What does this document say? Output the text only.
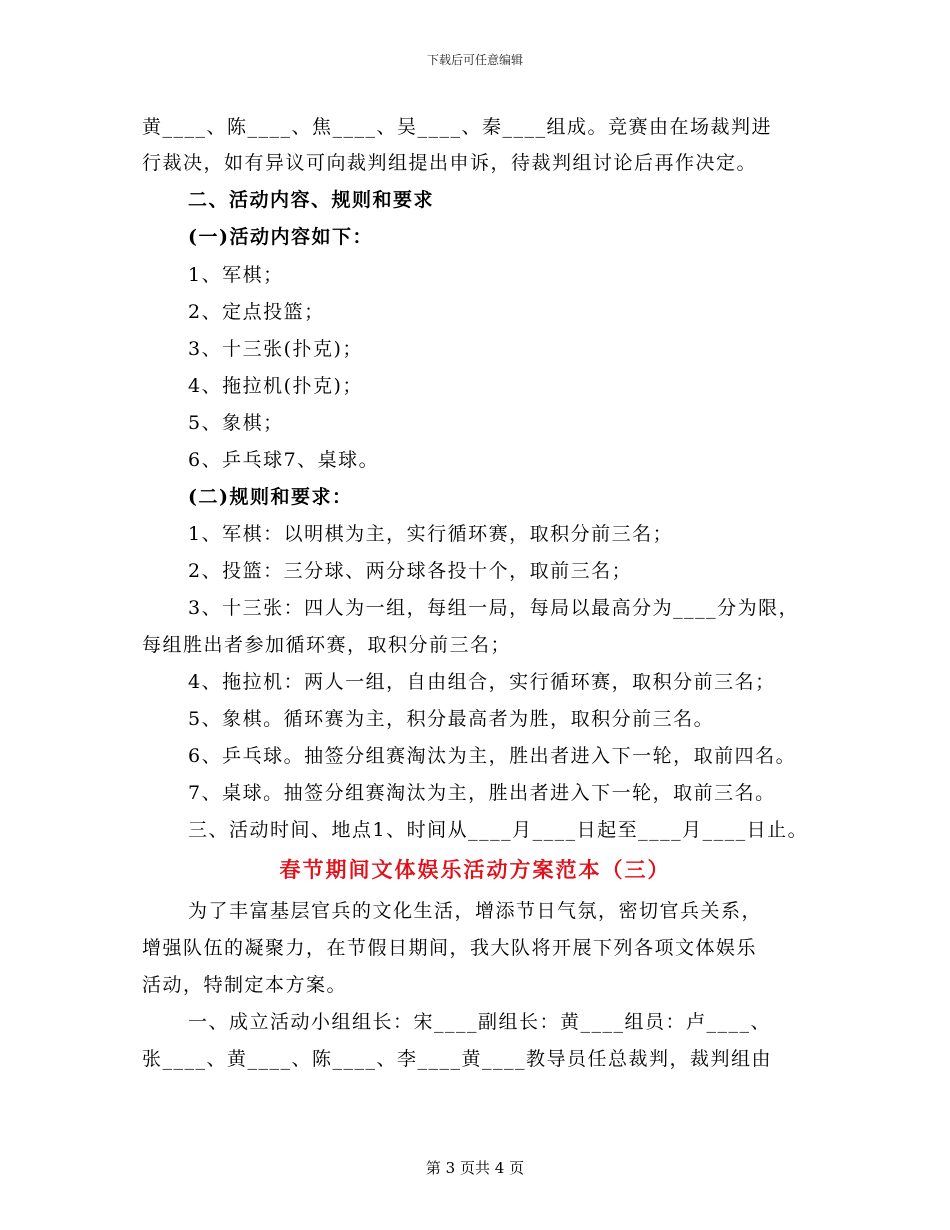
下载后可任意编辑
黄____、陈____、焦____、吴____、秦____组成。竞赛由在场裁判进
行裁决，如有异议可向裁判组提出申诉，待裁判组讨论后再作决定。
二、活动内容、规则和要求
(一)活动内容如下：
1、军棋；
2、定点投篮；
3、十三张(扑克)；
4、拖拉机(扑克)；
5、象棋；
6、乒乓球7、桌球。
(二)规则和要求：
1、军棋：以明棋为主，实行循环赛，取积分前三名；
2、投篮：三分球、两分球各投十个，取前三名；
3、十三张：四人为一组，每组一局，每局以最高分为____分为限，
每组胜出者参加循环赛，取积分前三名；
4、拖拉机：两人一组，自由组合，实行循环赛，取积分前三名；
5、象棋。循环赛为主，积分最高者为胜，取积分前三名。
6、乒乓球。抽签分组赛淘汰为主，胜出者进入下一轮，取前四名。
7、桌球。抽签分组赛淘汰为主，胜出者进入下一轮，取前三名。
三、活动时间、地点1、时间从____月____日起至____月____日止。
春节期间文体娱乐活动方案范本（三）
为了丰富基层官兵的文化生活，增添节日气氛，密切官兵关系，
增强队伍的凝聚力，在节假日期间，我大队将开展下列各项文体娱乐
活动，特制定本方案。
一、成立活动小组组长：宋____副组长：黄____组员：卢____、
张____、黄____、陈____、李____黄____教导员任总裁判，裁判组由
第 3 页共 4 页
